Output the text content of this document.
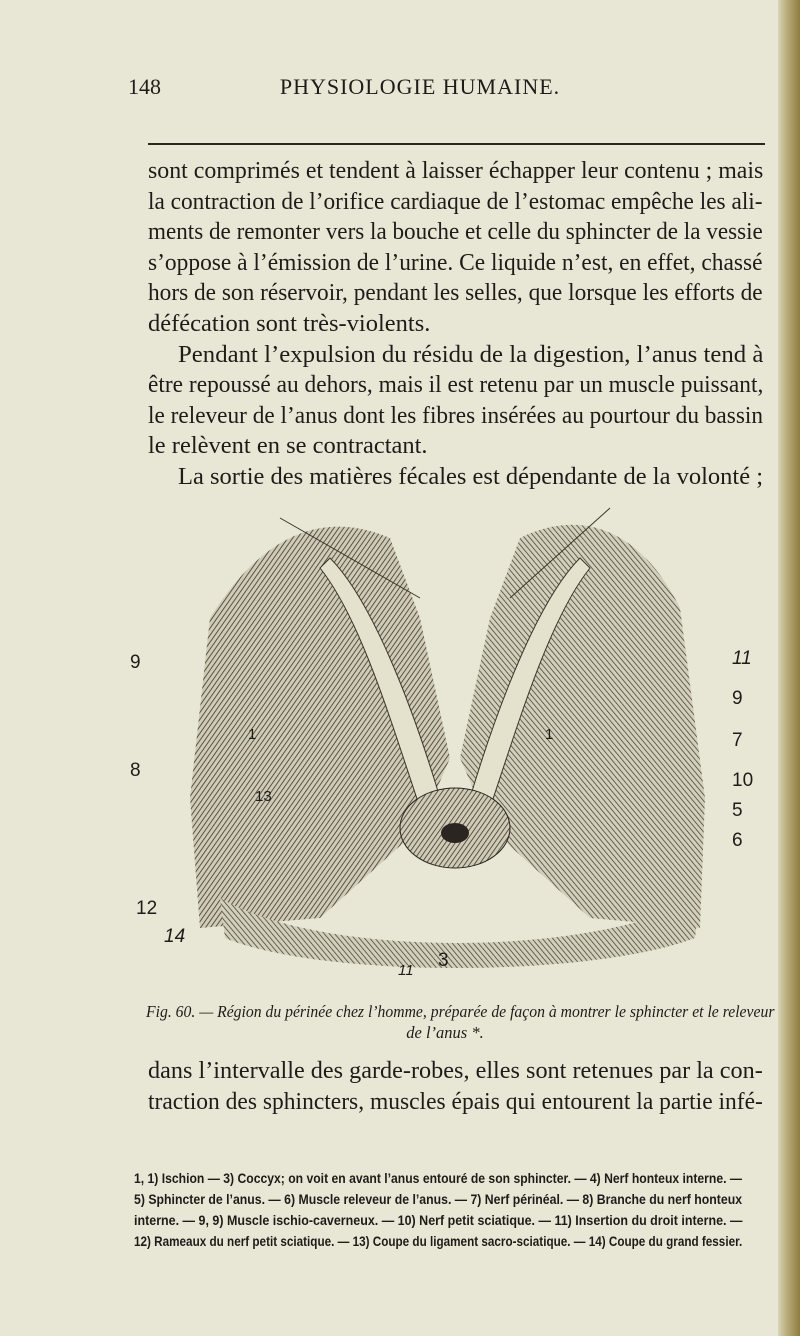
148	PHYSIOLOGIE HUMAINE.
sont comprimés et tendent à laisser échapper leur contenu ; mais
la contraction de l’orifice cardiaque de l’estomac empêche les ali-
ments de remonter vers la bouche et celle du sphincter de la vessie
s’oppose à l’émission de l’urine. Ce liquide n’est, en effet, chassé
hors de son réservoir, pendant les selles, que lorsque les efforts de
défécation sont très-violents.
Pendant l’expulsion du résidu de la digestion, l’anus tend à
être repoussé au dehors, mais il est retenu par un muscle puissant,
le releveur de l’anus dont les fibres insérées au pourtour du bassin
le relèvent en se contractant.
La sortie des matières fécales est dépendante de la volonté ;
9
8
12
14
11
9
7
10
5
6
11 3
1
13
1
Fig. 60. — Région du périnée chez l’homme, préparée de façon à montrer le sphincter et le releveur
de l’anus *.
dans l’intervalle des garde-robes, elles sont retenues par la con-
traction des sphincters, muscles épais qui entourent la partie infé-
1, 1) Ischion — 3) Coccyx; on voit en avant l’anus entouré de son sphincter. — 4) Nerf honteux interne. —
5) Sphincter de l’anus. — 6) Muscle releveur de l’anus. — 7) Nerf périnéal. — 8) Branche du nerf honteux
interne. — 9, 9) Muscle ischio-caverneux. — 10) Nerf petit sciatique. — 11) Insertion du droit interne. —
12) Rameaux du nerf petit sciatique. — 13) Coupe du ligament sacro-sciatique. — 14) Coupe du grand fessier.
